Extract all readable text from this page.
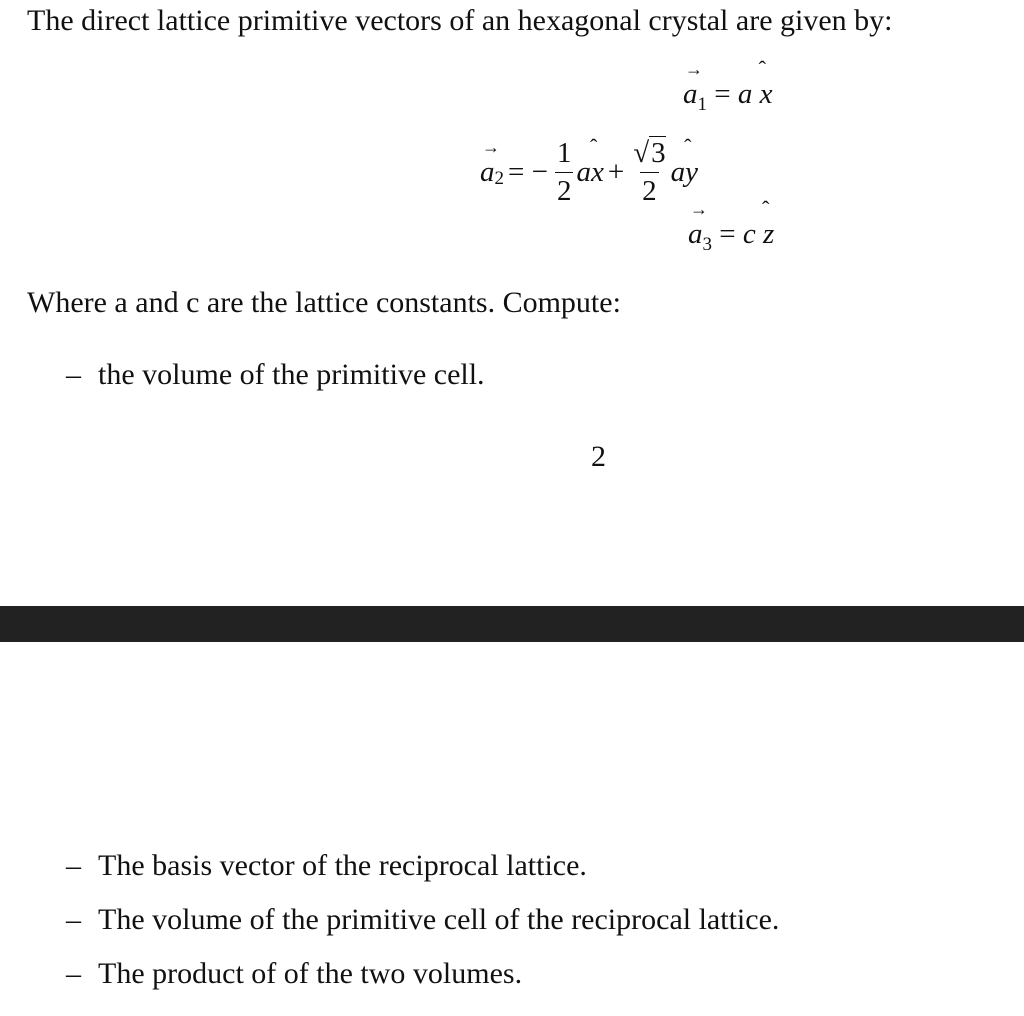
The direct lattice primitive vectors of an hexagonal crystal are given by:
→
$a_1 = a$
ˆ
x
→
a 2 = − $\frac{1}{2}$ a
ˆ
$x + \frac{√3}{2}$ a
ˆ
y
→
$a_3 = c$
ˆ
z
Where a and c are the lattice constants. Compute:
– the volume of the primitive cell.
2
– The basis vector of the reciprocal lattice.
– The volume of the primitive cell of the reciprocal lattice.
– The product of of the two volumes.
